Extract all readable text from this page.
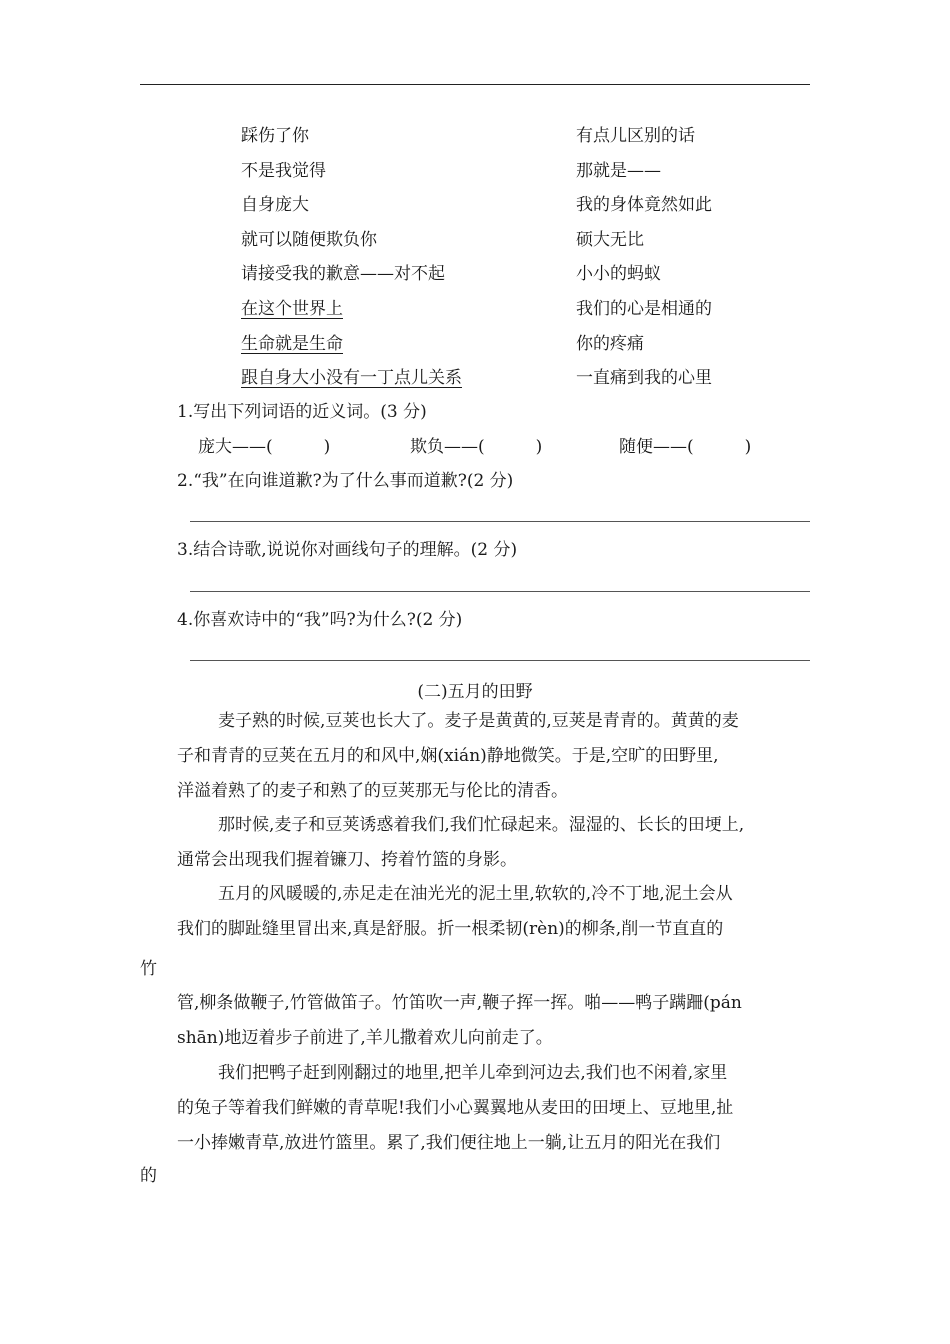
踩伤了你	有点儿区别的话
不是我觉得	那就是——
自身庞大	我的身体竟然如此
就可以随便欺负你	硕大无比
请接受我的歉意——对不起	小小的蚂蚁
在这个世界上	我们的心是相通的
生命就是生命	你的疼痛
跟自身大小没有一丁点儿关系	一直痛到我的心里
1.写出下列词语的近义词。(3 分)
庞大——(　　　)	欺负——(　　　)	随便——(　　　)
2.“我”在向谁道歉?为了什么事而道歉?(2 分)
3.结合诗歌,说说你对画线句子的理解。(2 分)
4.你喜欢诗中的“我”吗?为什么?(2 分)
(二)五月的田野
麦子熟的时候,豆荚也长大了。麦子是黄黄的,豆荚是青青的。黄黄的麦
子和青青的豆荚在五月的和风中,娴(xián)静地微笑。于是,空旷的田野里,
洋溢着熟了的麦子和熟了的豆荚那无与伦比的清香。
那时候,麦子和豆荚诱惑着我们,我们忙碌起来。湿湿的、长长的田埂上,
通常会出现我们握着镰刀、挎着竹篮的身影。
五月的风暖暖的,赤足走在油光光的泥土里,软软的,冷不丁地,泥土会从
我们的脚趾缝里冒出来,真是舒服。折一根柔韧(rèn)的柳条,削一节直直的
竹
管,柳条做鞭子,竹管做笛子。竹笛吹一声,鞭子挥一挥。啪——鸭子蹒跚(pán
shān)地迈着步子前进了,羊儿撒着欢儿向前走了。
我们把鸭子赶到刚翻过的地里,把羊儿牵到河边去,我们也不闲着,家里
的兔子等着我们鲜嫩的青草呢!我们小心翼翼地从麦田的田埂上、豆地里,扯
一小捧嫩青草,放进竹篮里。累了,我们便往地上一躺,让五月的阳光在我们
的
